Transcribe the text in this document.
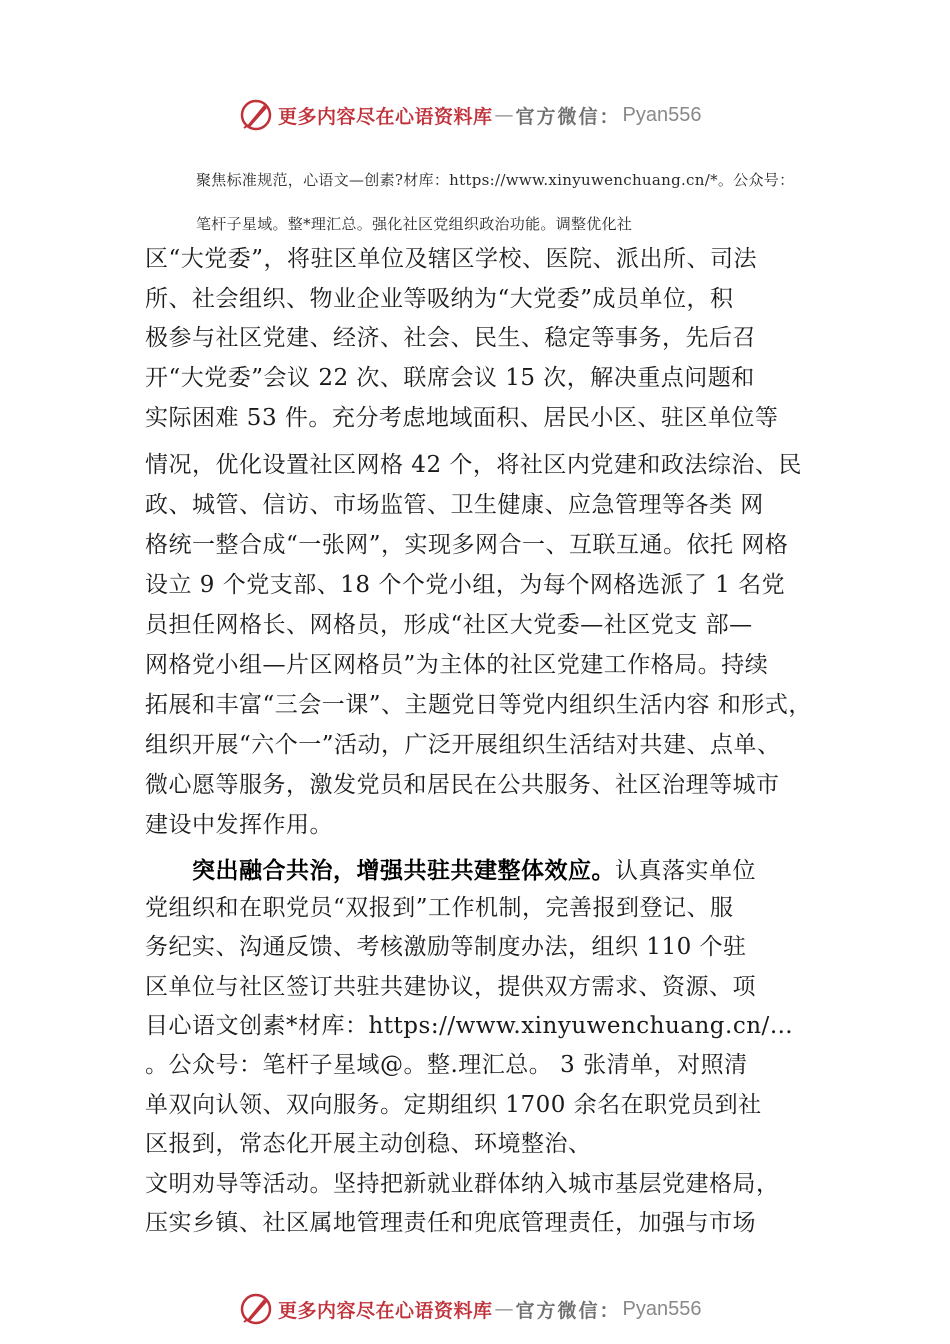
更多内容尽在心语资料库 — 官方微信： Pyan556
聚焦标准规范，心语文—创素?材库：https://www.xinyuwenchuang.cn/*。公众号：
笔杆子星域。整*理汇总。强化社区党组织政治功能。调整优化社
区“大党委”，将驻区单位及辖区学校、医院、派出所、司法
所、社会组织、物业企业等吸纳为“大党委”成员单位，积
极参与社区党建、经济、社会、民生、稳定等事务，先后召
开“大党委”会议 22 次、联席会议 15 次，解决重点问题和
实际困难 53 件。充分考虑地域面积、居民小区、驻区单位等
情况，优化设置社区网格 42 个，将社区内党建和政法综治、民
政、城管、信访、市场监管、卫生健康、应急管理等各类 网
格统一整合成“一张网”，实现多网合一、互联互通。依托 网格
设立 9 个党支部、18 个个党小组，为每个网格选派了 1 名党
员担任网格长、网格员，形成“社区大党委—社区党支 部—
网格党小组—片区网格员”为主体的社区党建工作格局。持续
拓展和丰富“三会一课”、主题党日等党内组织生活内容 和形式，
组织开展“六个一”活动，广泛开展组织生活结对共建、点单、
微心愿等服务，激发党员和居民在公共服务、社区治理等城市
建设中发挥作用。
突出融合共治，增强共驻共建整体效应。认真落实单位
党组织和在职党员“双报到”工作机制，完善报到登记、服
务纪实、沟通反馈、考核激励等制度办法，组织 110 个驻
区单位与社区签订共驻共建协议，提供双方需求、资源、项
目心语文创素*材库：https://www.xinyuwenchuang.cn/…
。公众号：笔杆子星域@。整.理汇总。 3 张清单，对照清
单双向认领、双向服务。定期组织 1700 余名在职党员到社
区报到，常态化开展主动创稳、环境整治、
文明劝导等活动。坚持把新就业群体纳入城市基层党建格局，
压实乡镇、社区属地管理责任和兜底管理责任，加强与市场
更多内容尽在心语资料库 — 官方微信： Pyan556
